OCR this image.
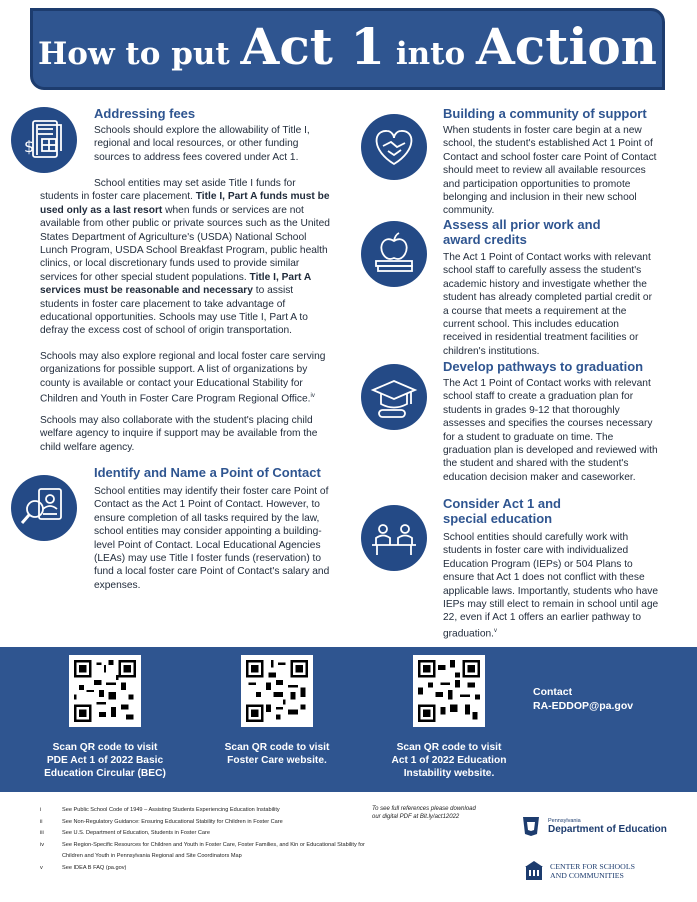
How to put Act 1 into Action
$
Addressing fees
Schools should explore the allowability of Title I, regional and local resources, or other funding sources to address fees covered under Act 1.
School entities may set aside Title I funds for students in foster care placement. Title I, Part A funds must be used only as a last resort when funds or services are not available from other public or private sources such as the United States Department of Agriculture's (USDA) National School Lunch Program, USDA School Breakfast Program, public health clinics, or local discretionary funds used to provide similar services for other special student populations. Title I, Part A services must be reasonable and necessary to assist students in foster care placement to take advantage of educational opportunities. Schools may use Title I, Part A to defray the excess cost of school of origin transportation.
Schools may also explore regional and local foster care serving organizations for possible support. A list of organizations by county is available or contact your Educational Stability for Children and Youth in Foster Care Program Regional Office.$^{iv}$
Schools may also collaborate with the student's placing child welfare agency to inquire if support may be available from the child welfare agency.
Identify and Name a Point of Contact
School entities may identify their foster care Point of Contact as the Act 1 Point of Contact. However, to ensure completion of all tasks required by the law, school entities may consider appointing a building-level Point of Contact. Local Educational Agencies (LEAs) may use Title I foster funds (reservation) to fund a local foster care Point of Contact's salary and expenses.
Building a community of support
When students in foster care begin at a new school, the student's established Act 1 Point of Contact and school foster care Point of Contact should meet to review all available resources and participation opportunities to promote belonging and inclusion in their new school community.
Assess all prior work and
award credits
The Act 1 Point of Contact works with relevant school staff to carefully assess the student's academic history and investigate whether the student has already completed partial credit or a course that meets a requirement at the current school. This includes education received in residential treatment facilities or children's institutions.
Develop pathways to graduation
The Act 1 Point of Contact works with relevant school staff to create a graduation plan for students in grades 9-12 that thoroughly assesses and specifies the courses necessary for a student to graduate on time. The graduation plan is developed and reviewed with the student and shared with the student's education decision maker and caseworker.
Consider Act 1 and
special education
School entities should carefully work with students in foster care with individualized Education Program (IEPs) or 504 Plans to ensure that Act 1 does not conflict with these applicable laws. Importantly, students who have IEPs may still elect to remain in school until age 22, even if Act 1 offers an earlier pathway to graduation.$^v$
Scan QR code to visit
PDE Act 1 of 2022 Basic
Education Circular (BEC)
Scan QR code to visit
Foster Care website.
Scan QR code to visit
Act 1 of 2022 Education
Instability website.
Contact
RA-EDDOP@pa.gov
i	See Public School Code of 1949 – Assisting Students Experiencing Education Instability
ii	See Non-Regulatory Guidance: Ensuring Educational Stability for Children in Foster Care
iii	See U.S. Department of Education, Students in Foster Care
iv	See Region-Specific Resources for Children and Youth in Foster Care, Foster Families, and Kin or Educational Stability for Children and Youth in Pennsylvania Regional and Site Coordinators Map
v	See IDEA B FAQ (pa.gov)
To see full references please download our digital PDF at Bit.ly/act12022
Pennsylvania
Department of Education
CENTER FOR SCHOOLS
AND COMMUNITIES
